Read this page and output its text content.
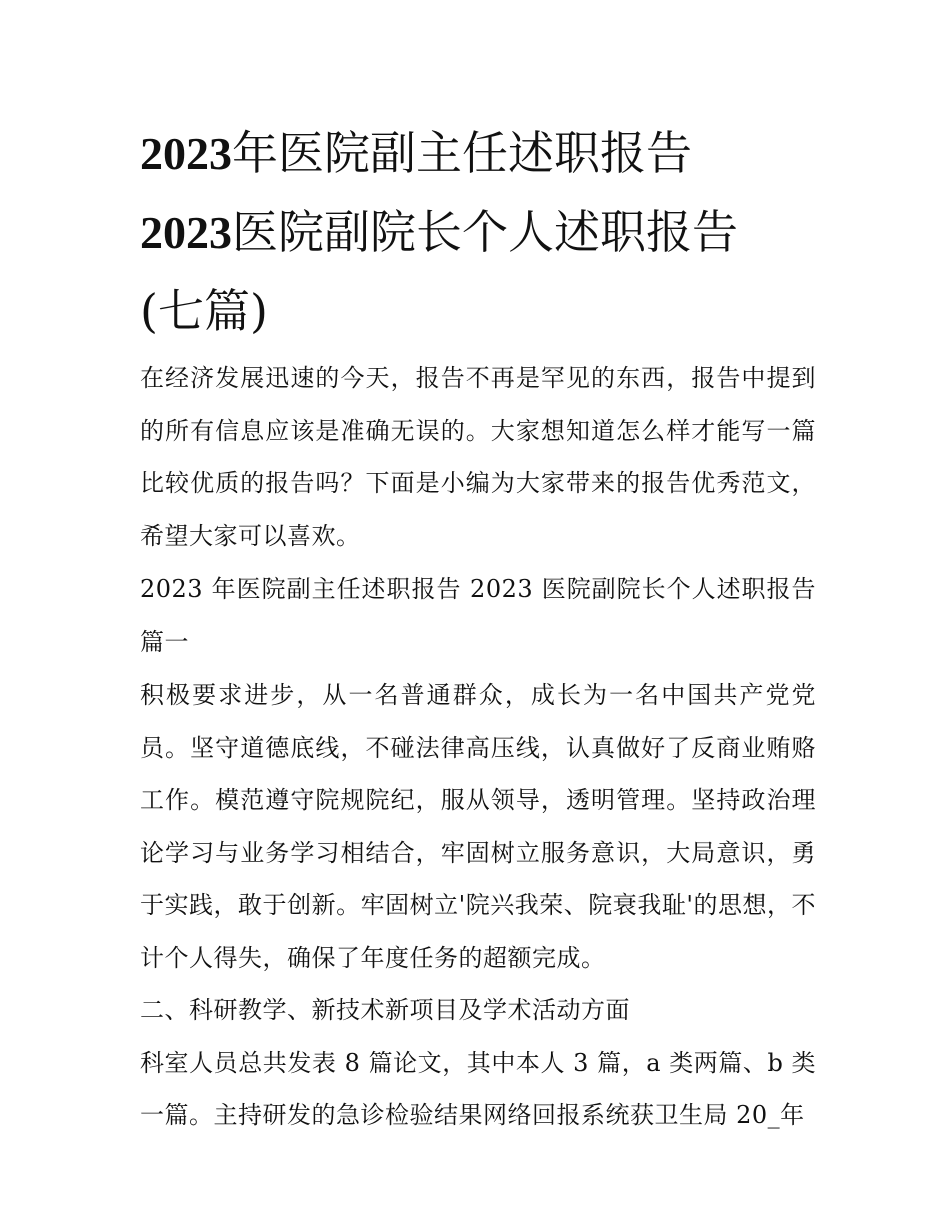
2023年医院副主任述职报告
2023医院副院长个人述职报告
(七篇)

在经济发展迅速的今天，报告不再是罕见的东西，报告中提到的所有信息应该是准确无误的。大家想知道怎么样才能写一篇比较优质的报告吗？下面是小编为大家带来的报告优秀范文，希望大家可以喜欢。

2023 年医院副主任述职报告 2023 医院副院长个人述职报告篇一

积极要求进步，从一名普通群众，成长为一名中国共产党党员。坚守道德底线，不碰法律高压线，认真做好了反商业贿赂工作。模范遵守院规院纪，服从领导，透明管理。坚持政治理论学习与业务学习相结合，牢固树立服务意识，大局意识，勇于实践，敢于创新。牢固树立'院兴我荣、院衰我耻'的思想，不计个人得失，确保了年度任务的超额完成。

二、科研教学、新技术新项目及学术活动方面

科室人员总共发表 8 篇论文，其中本人 3 篇，a 类两篇、b 类一篇。主持研发的急诊检验结果网络回报系统获卫生局 20_年
